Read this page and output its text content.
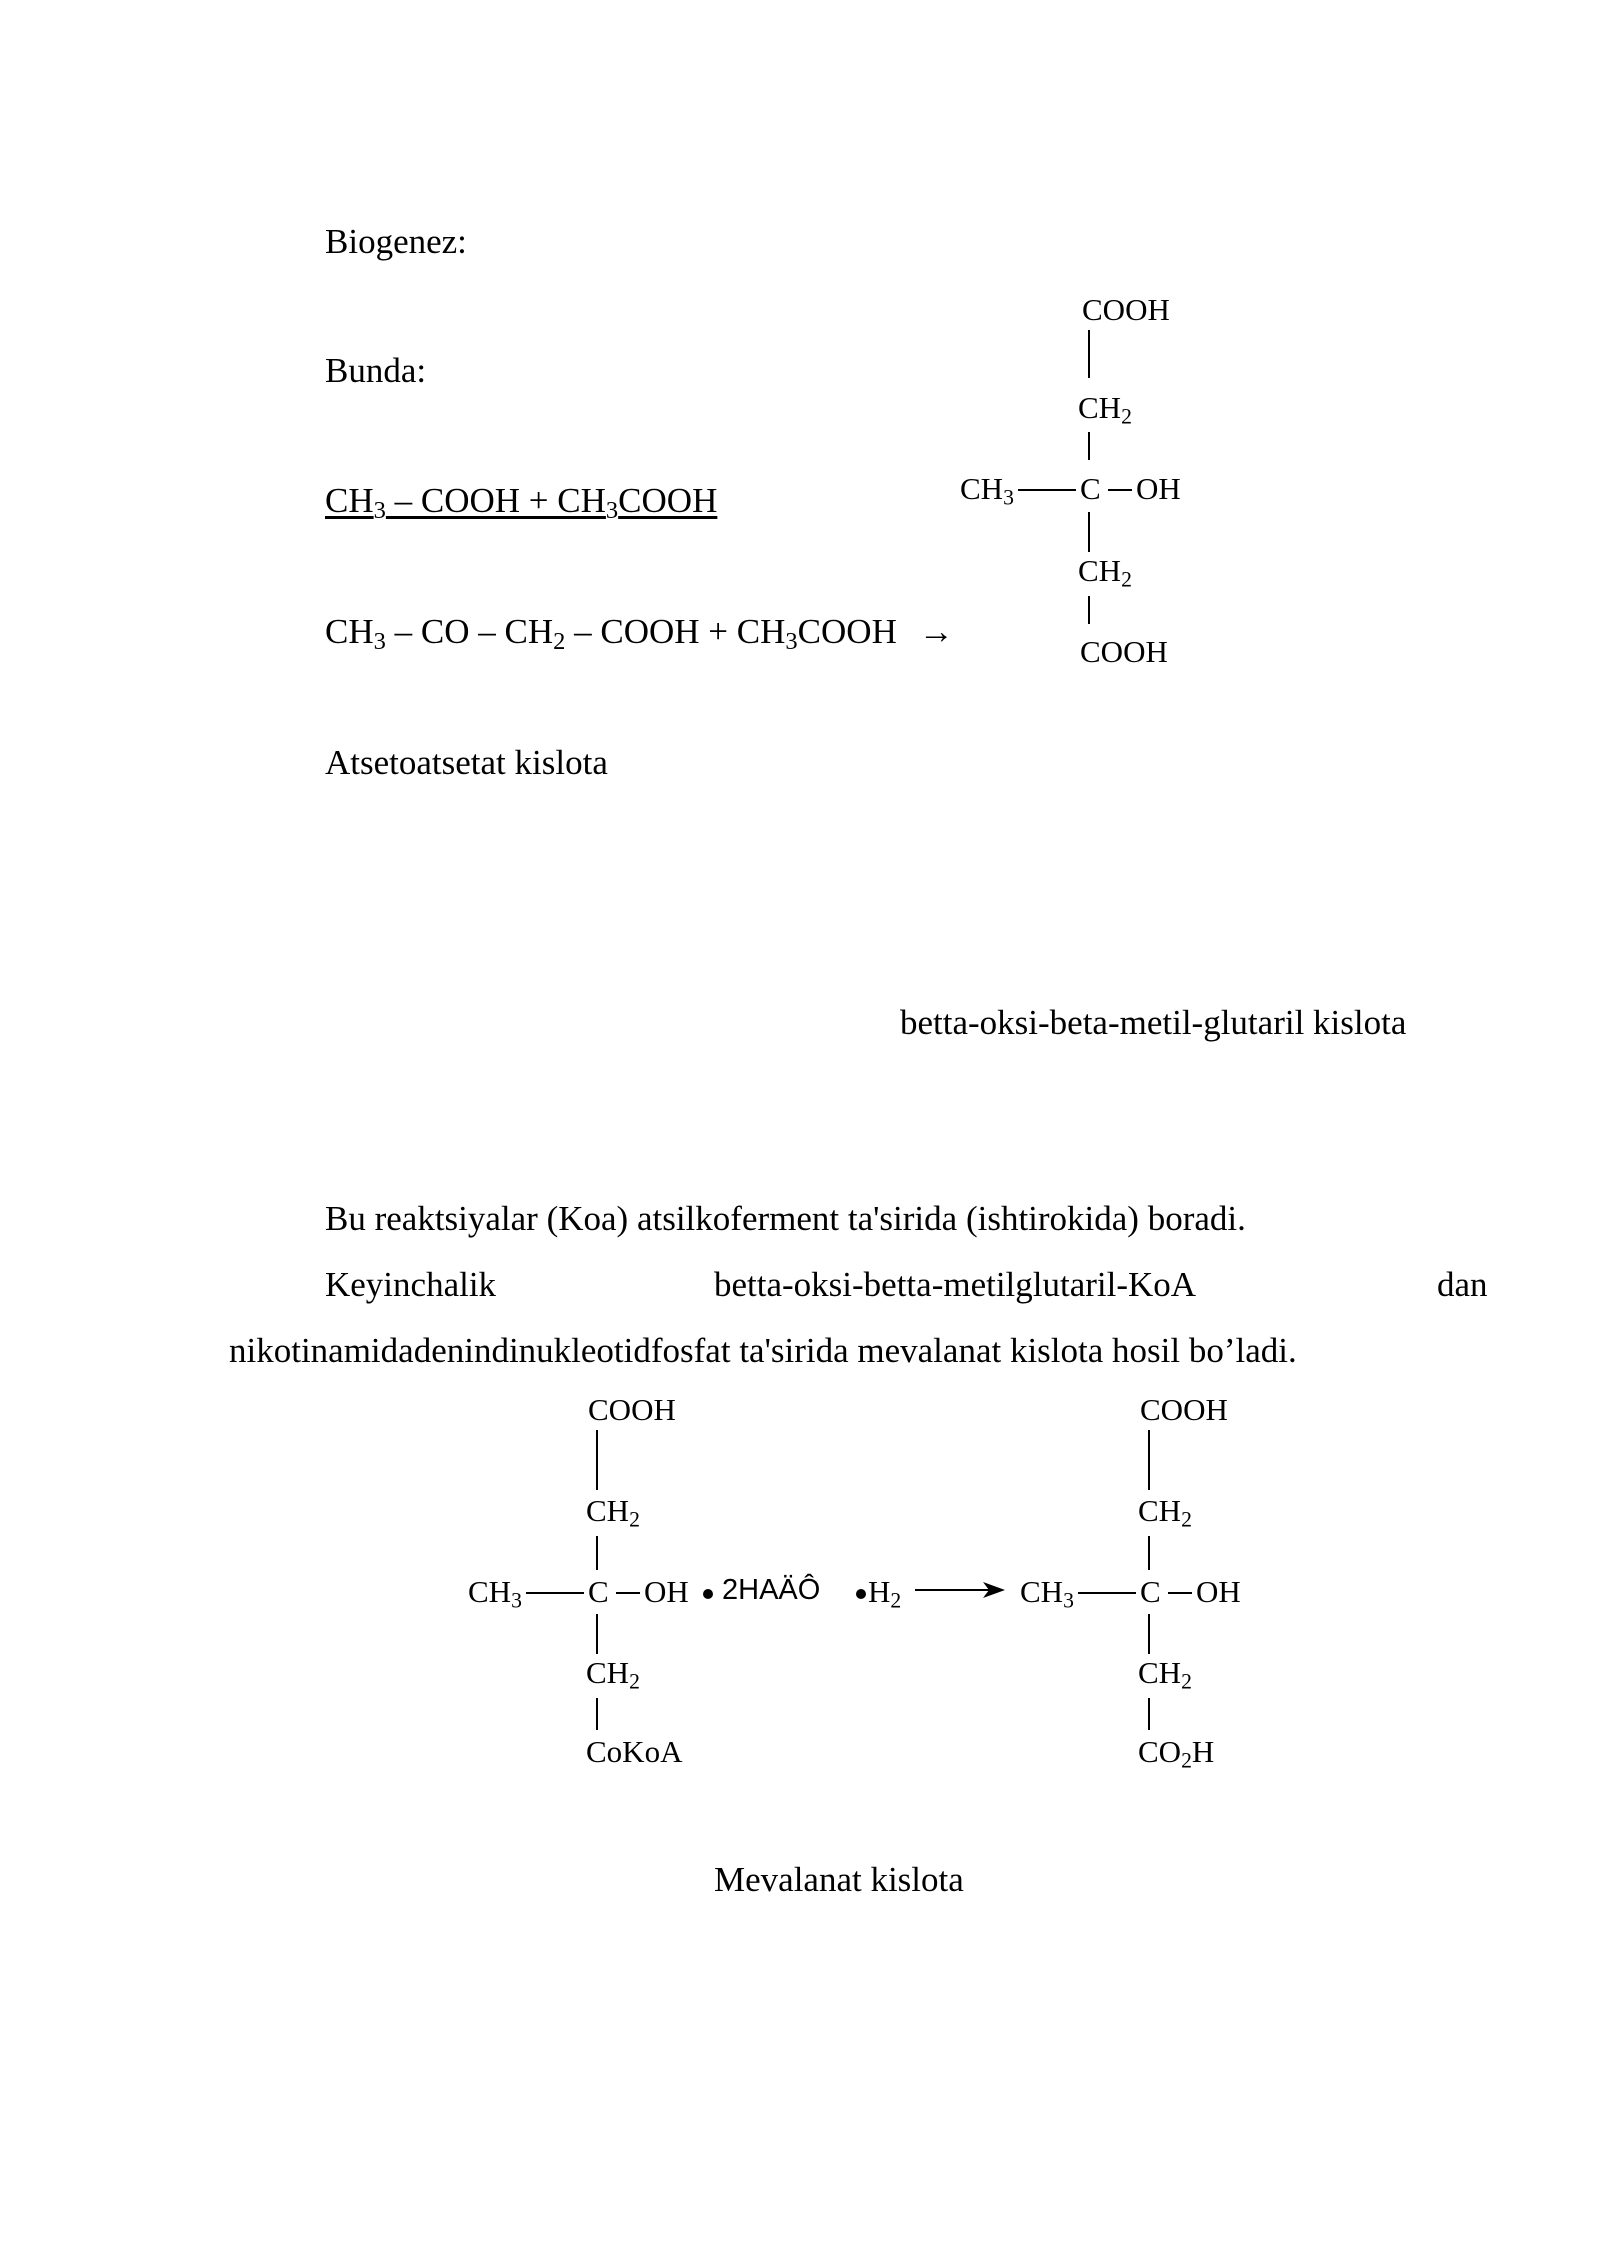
Biogenez:
Bunda:
$CH_3$ – COOH + $CH_3COOH$
$CH_3$ – CO – $CH_2$ – COOH + $CH_3COOH$ →
COOH
$CH_2$
$CH_3$ C OH
$CH_2$
COOH
Atsetoatsetat kislota
betta-oksi-beta-metil-glutaril kislota
Bu reaktsiyalar (Koa) atsilkoferment ta'sirida (ishtirokida) boradi.
Keyinchalik	betta-oksi-betta-metilglutaril-KoA	dan
nikotinamidadenindinukleotidfosfat ta'sirida mevalanat kislota hosil bo’ladi.
COOH
$CH_2$
$CH_3$ C OH
$CH_2$
CoKoA
2HAÄÔ $H_2$
COOH
$CH_2$
$CH_3$ C OH
$CH_2$
$CO_2H$
Mevalanat kislota
